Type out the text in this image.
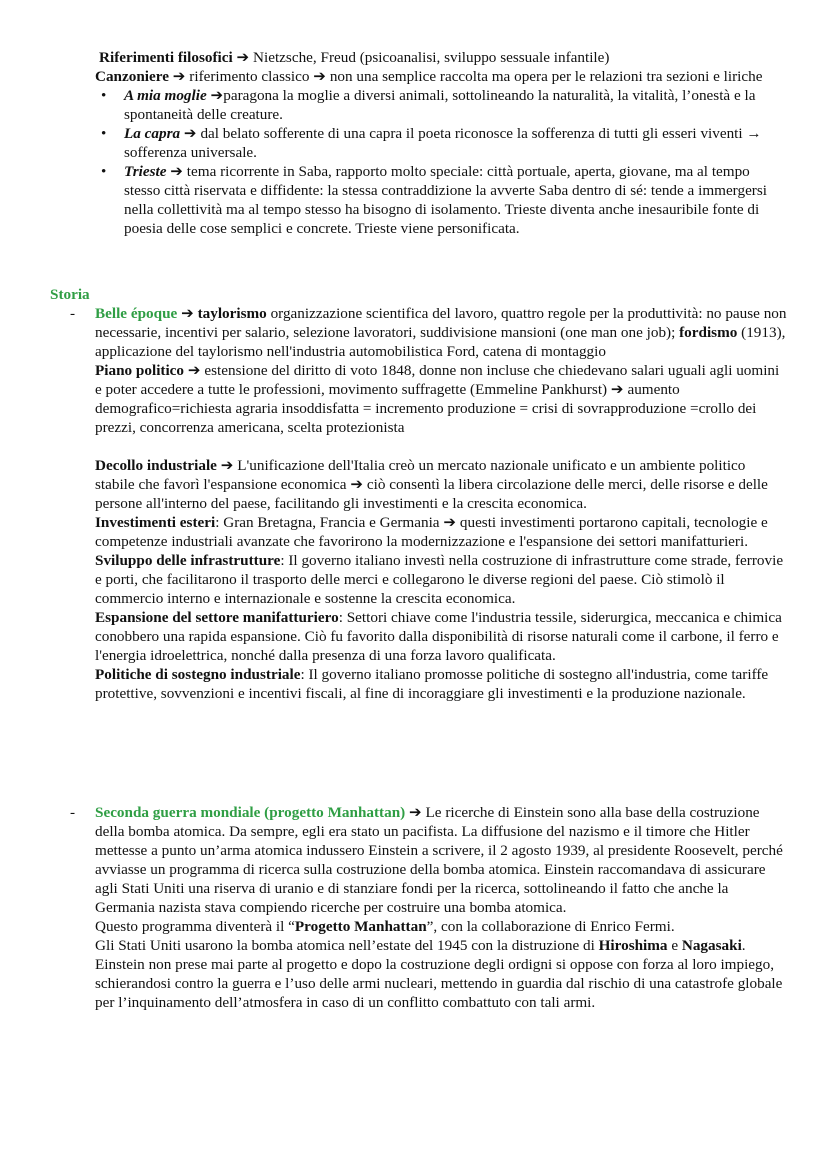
Riferimenti filosofici ➔ Nietzsche, Freud (psicoanalisi, sviluppo sessuale infantile)

Canzoniere ➔ riferimento classico ➔ non una semplice raccolta ma opera per le relazioni tra sezioni e liriche

• A mia moglie ➔paragona la moglie a diversi animali, sottolineando la naturalità, la vitalità, l’onestà e la spontaneità delle creature.
• La capra ➔ dal belato sofferente di una capra il poeta riconosce la sofferenza di tutti gli esseri viventi → sofferenza universale.
• Trieste ➔ tema ricorrente in Saba, rapporto molto speciale: città portuale, aperta, giovane, ma al tempo stesso città riservata e diffidente: la stessa contraddizione la avverte Saba dentro di sé: tende a immergersi nella collettività ma al tempo stesso ha bisogno di isolamento. Trieste diventa anche inesauribile fonte di poesia delle cose semplici e concrete. Trieste viene personificata.
Storia
- Belle époque ➔ taylorismo organizzazione scientifica del lavoro, quattro regole per la produttività: no pause non necessarie, incentivi per salario, selezione lavoratori, suddivisione mansioni (one man one job); fordismo (1913), applicazione del taylorismo nell'industria automobilistica Ford, catena di montaggio

Piano politico ➔ estensione del diritto di voto 1848, donne non incluse che chiedevano salari uguali agli uomini e poter accedere a tutte le professioni, movimento suffragette (Emmeline Pankhurst) ➔ aumento demografico=richiesta agraria insoddisfatta = incremento produzione = crisi di sovrapproduzione =crollo dei prezzi, concorrenza americana, scelta protezionista

Decollo industriale ➔ L'unificazione dell'Italia creò un mercato nazionale unificato e un ambiente politico stabile che favorì l'espansione economica ➔ ciò consentì la libera circolazione delle merci, delle risorse e delle persone all'interno del paese, facilitando gli investimenti e la crescita economica.

Investimenti esteri: Gran Bretagna, Francia e Germania ➔ questi investimenti portarono capitali, tecnologie e competenze industriali avanzate che favorirono la modernizzazione e l'espansione dei settori manifatturieri.

Sviluppo delle infrastrutture: Il governo italiano investì nella costruzione di infrastrutture come strade, ferrovie e porti, che facilitarono il trasporto delle merci e collegarono le diverse regioni del paese. Ciò stimolò il commercio interno e internazionale e sostenne la crescita economica.

Espansione del settore manifatturiero: Settori chiave come l'industria tessile, siderurgica, meccanica e chimica conobbero una rapida espansione. Ciò fu favorito dalla disponibilità di risorse naturali come il carbone, il ferro e l'energia idroelettrica, nonché dalla presenza di una forza lavoro qualificata.

Politiche di sostegno industriale: Il governo italiano promosse politiche di sostegno all'industria, come tariffe protettive, sovvenzioni e incentivi fiscali, al fine di incoraggiare gli investimenti e la produzione nazionale.

- Seconda guerra mondiale (progetto Manhattan) ➔ Le ricerche di Einstein sono alla base della costruzione della bomba atomica. Da sempre, egli era stato un pacifista. La diffusione del nazismo e il timore che Hitler mettesse a punto un’arma atomica indussero Einstein a scrivere, il 2 agosto 1939, al presidente Roosevelt, perché avviasse un programma di ricerca sulla costruzione della bomba atomica. Einstein raccomandava di assicurare agli Stati Uniti una riserva di uranio e di stanziare fondi per la ricerca, sottolineando il fatto che anche la Germania nazista stava compiendo ricerche per costruire una bomba atomica.

Questo programma diventerà il “Progetto Manhattan”, con la collaborazione di Enrico Fermi.

Gli Stati Uniti usarono la bomba atomica nell’estate del 1945 con la distruzione di Hiroshima e Nagasaki. Einstein non prese mai parte al progetto e dopo la costruzione degli ordigni si oppose con forza al loro impiego, schierandosi contro la guerra e l’uso delle armi nucleari, mettendo in guardia dal rischio di una catastrofe globale per l’inquinamento dell’atmosfera in caso di un conflitto combattuto con tali armi.
